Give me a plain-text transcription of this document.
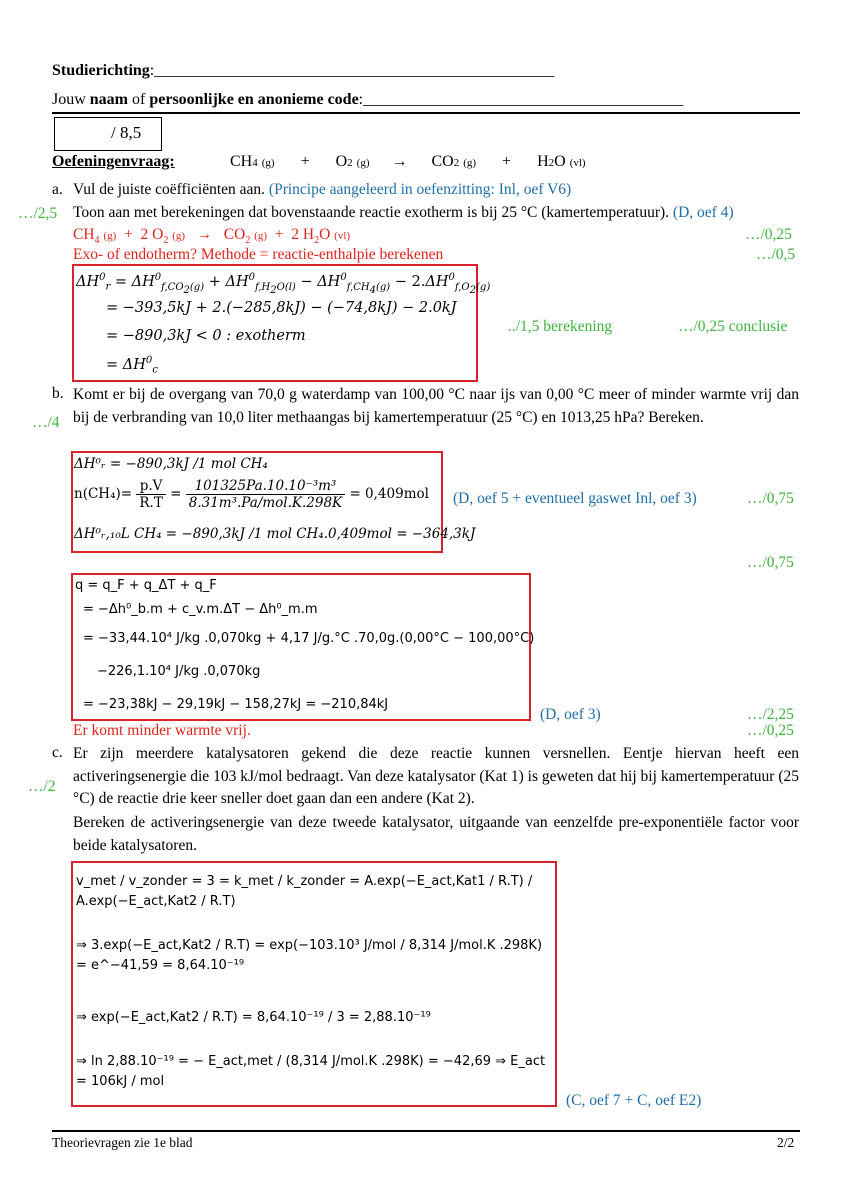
Studierichting:__________________________________________________
Jouw naam of persoonlijke en anonieme code:________________________________________
/ 8,5
Oefeningenvraag:	CH4 (g) + O2 (g) → CO2 (g) + H2O (vl)
a. Vul de juiste coëfficiënten aan. (Principe aangeleerd in oefenzitting: Inl, oef V6)
…/2,5 Toon aan met berekeningen dat bovenstaande reactie exotherm is bij 25 °C (kamertemperatuur). (D, oef 4)
$CH_4$ (g)  +  2 $O_2$ $(g) \to CO_2$ (g)  +  2 $H_2O$ (vl)	…/0,25
Exo- of endotherm? Methode = reactie-enthalpie berekenen	…/0,5
$\Delta H^0_r = \Delta H^0_{f,CO_2(g)} + \Delta H^0_{f,H_2O(l)} - \Delta H^0_{f,CH_4(g)} - 2.\Delta H^0_{f,O_2(g)}$
= −393,5kJ + 2.(−285,8kJ) − (−74,8kJ) − 2.0kJ
= −890,3kJ < 0 : exotherm
= $\Delta H^0_c$
../1,5 berekening	…/0,25 conclusie
b. Komt er bij de overgang van 70,0 g waterdamp van 100,00 °C naar ijs van 0,00 °C meer of minder warmte vrij dan bij de verbranding van 10,0 liter methaangas bij kamertemperatuur (25 °C) en 1013,25 hPa? Bereken.
…/4
ΔH⁰ᵣ = −890,3kJ /1 mol CH₄
$n(CH_4)= \frac{p.V}{R.T} = \frac{\text{101325Pa.10.10⁻³m³}}{\text{8.31m³.Pa/mol.K.298K}} = 0,409mol$
ΔH⁰ᵣ,₁₀L CH₄ = −890,3kJ /1 mol CH₄.0,409mol = −364,3kJ
(D, oef 5 + eventueel gaswet Inl, oef 3)	…/0,75
…/0,75
q = q_F + q_ΔT + q_F
= −Δh⁰_b.m + c_v.m.ΔT − Δh⁰_m.m
= −33,44.10⁴ J/kg .0,070kg + 4,17 J/g.°C .70,0g.(0,00°C − 100,00°C)
−226,1.10⁴ J/kg .0,070kg
= −23,38kJ − 29,19kJ − 158,27kJ = −210,84kJ
(D, oef 3)	…/2,25
Er komt minder warmte vrij.	…/0,25
c. Er zijn meerdere katalysatoren gekend die deze reactie kunnen versnellen. Eentje hiervan heeft een activeringsenergie die 103 kJ/mol bedraagt. Van deze katalysator (Kat 1) is geweten dat hij bij kamertemperatuur (25 °C) de reactie drie keer sneller doet gaan dan een andere (Kat 2).
Bereken de activeringsenergie van deze tweede katalysator, uitgaande van eenzelfde pre-exponentiële factor voor beide katalysatoren.
…/2
v_met / v_zonder = 3 = k_met / k_zonder = A.exp(−E_act,Kat1 / R.T) / A.exp(−E_act,Kat2 / R.T)
⇒ 3.exp(−E_act,Kat2 / R.T) = exp(−103.10³ J/mol / 8,314 J/mol.K .298K) = e^−41,59 = 8,64.10⁻¹⁹
⇒ exp(−E_act,Kat2 / R.T) = 8,64.10⁻¹⁹ / 3 = 2,88.10⁻¹⁹
⇒ ln 2,88.10⁻¹⁹ = − E_act,met / (8,314 J/mol.K .298K) = −42,69 ⇒ E_act = 106kJ / mol
(C, oef 7 + C, oef E2)
Theorievragen zie 1e blad	2/2
